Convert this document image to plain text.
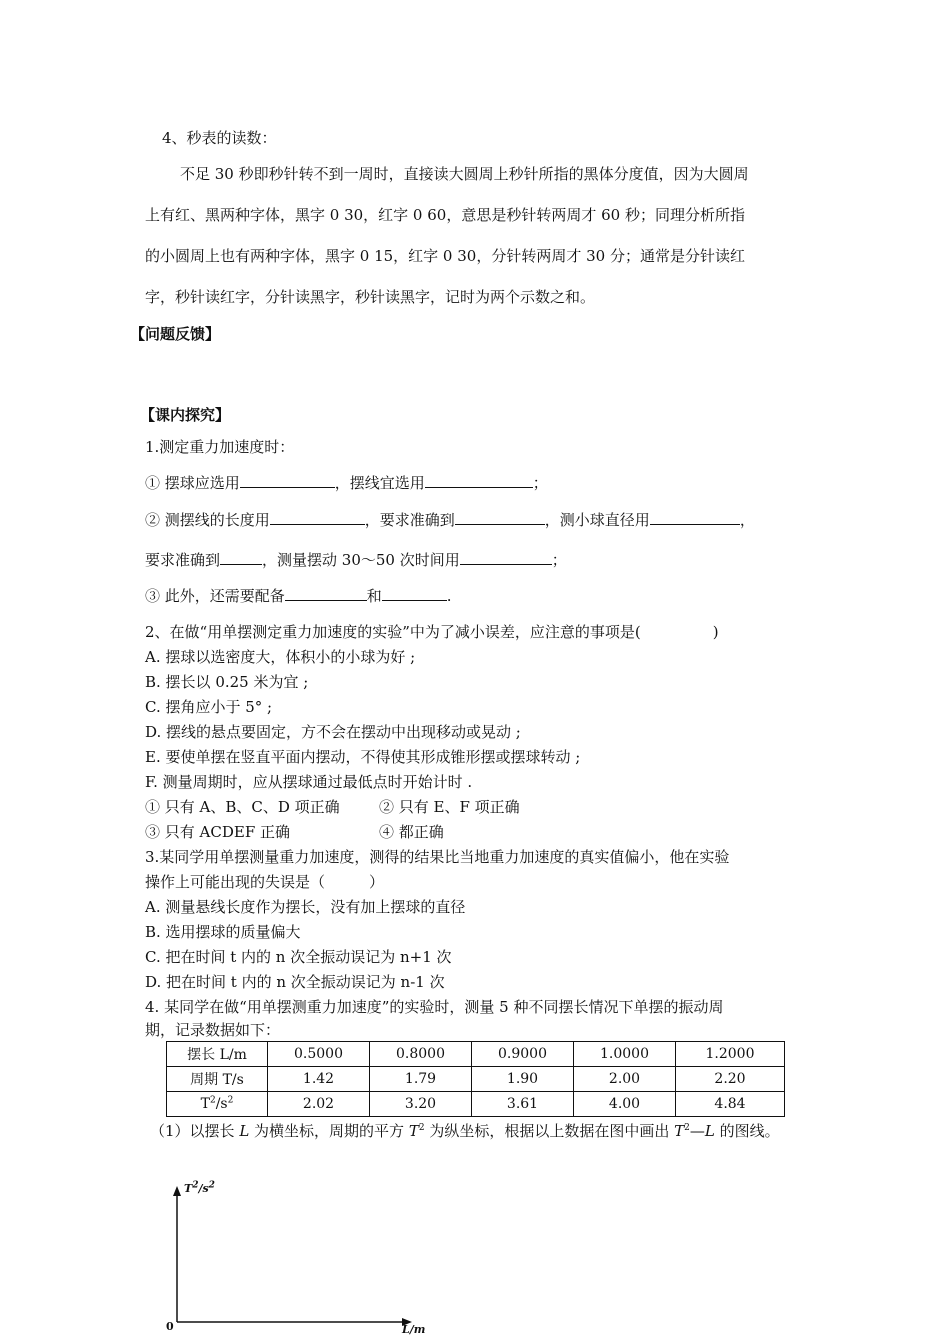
4、秒表的读数：
不足 30 秒即秒针转不到一周时，直接读大圆周上秒针所指的黑体分度值，因为大圆周
上有红、黑两种字体，黑字 0 30，红字 0 60，意思是秒针转两周才 60 秒；同理分析所指
的小圆周上也有两种字体，黑字 0 15，红字 0 30，分针转两周才 30 分；通常是分针读红
字，秒针读红字，分针读黑字，秒针读黑字，记时为两个示数之和。
【问题反馈】
【课内探究】
1.测定重力加速度时：
① 摆球应选用	，摆线宜选用	；
② 测摆线的长度用	，要求准确到	，测小球直径用	，
要求准确到	，测量摆动 30～50 次时间用	；
③ 此外，还需要配备	和	.
2、在做“用单摆测定重力加速度的实验”中为了减小误差，应注意的事项是(	)
A. 摆球以选密度大，体积小的小球为好 ;
B. 摆长以 0.25 米为宜 ;
C. 摆角应小于 5° ;
D. 摆线的悬点要固定，方不会在摆动中出现移动或晃动 ;
E. 要使单摆在竖直平面内摆动，不得使其形成锥形摆或摆球转动 ;
F. 测量周期时，应从摆球通过最低点时开始计时 .
① 只有 A、B、C、D 项正确	② 只有 E、F 项正确
③ 只有 ACDEF 正确	④ 都正确
3.某同学用单摆测量重力加速度，测得的结果比当地重力加速度的真实值偏小，他在实验
操作上可能出现的失误是（	）
A. 测量悬线长度作为摆长，没有加上摆球的直径
B. 选用摆球的质量偏大
C. 把在时间 t 内的 n 次全振动误记为 n+1 次
D. 把在时间 t 内的 n 次全振动误记为 n-1 次
4. 某同学在做“用单摆测重力加速度”的实验时，测量 5 种不同摆长情况下单摆的振动周
期，记录数据如下：
摆长 L/m	0.5000	0.8000	0.9000	1.0000	1.2000
周期 T/s	1.42	1.79	1.90	2.00	2.20
$T^2/s^2$	2.02	3.20	3.61	4.00	4.84
（1）以摆长 L 为横坐标，周期的平方 $T^2$ 为纵坐标，根据以上数据在图中画出 $T^2—L$ 的图线。
$T^2/s^2$
L/m
0
